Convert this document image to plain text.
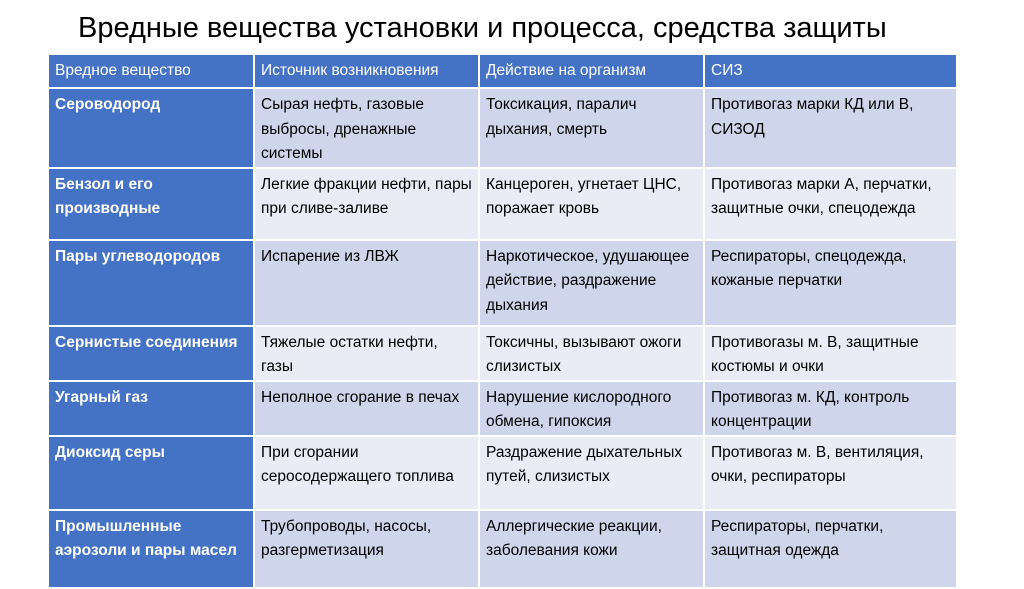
Вредные вещества установки и процесса, средства защиты
Вредное вещество	Источник возникновения	Действие на организм	СИЗ
Сероводород	Сырая нефть, газовые выбросы, дренажные системы	Токсикация, паралич дыхания, смерть	Противогаз марки КД или В, СИЗОД
Бензол и его производные	Легкие фракции нефти, пары при сливе-заливе	Канцероген, угнетает ЦНС, поражает кровь	Противогаз марки А, перчатки, защитные очки, спецодежда
Пары углеводородов	Испарение из ЛВЖ	Наркотическое, удушающее действие, раздражение дыхания	Респираторы, спецодежда, кожаные перчатки
Сернистые соединения	Тяжелые остатки нефти, газы	Токсичны, вызывают ожоги слизистых	Противогазы м. В, защитные костюмы и очки
Угарный газ	Неполное сгорание в печах	Нарушение кислородного обмена, гипоксия	Противогаз м. КД, контроль концентрации
Диоксид серы	При сгорании серосодержащего топлива	Раздражение дыхательных путей, слизистых	Противогаз м. В, вентиляция, очки, респираторы
Промышленные аэрозоли и пары масел	Трубопроводы, насосы, разгерметизация	Аллергические реакции, заболевания кожи	Респираторы, перчатки, защитная одежда
